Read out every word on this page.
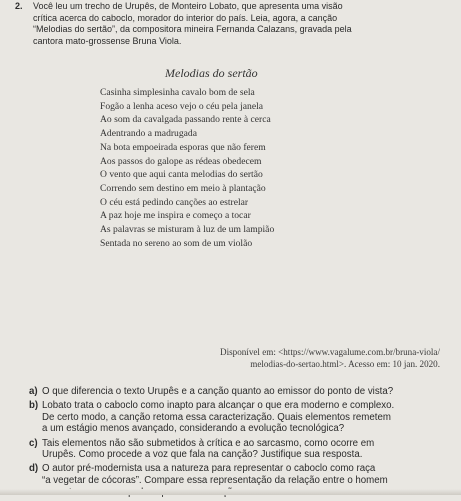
2. Você leu um trecho de Urupês, de Monteiro Lobato, que apresenta uma visão
crítica acerca do caboclo, morador do interior do país. Leia, agora, a canção
“Melodias do sertão”, da compositora mineira Fernanda Calazans, gravada pela
cantora mato-grossense Bruna Viola.
Melodias do sertão
Casinha simplesinha cavalo bom de sela
Fogão a lenha aceso vejo o céu pela janela
Ao som da cavalgada passando rente à cerca
Adentrando a madrugada
Na bota empoeirada esporas que não ferem
Aos passos do galope as rédeas obedecem
O vento que aqui canta melodias do sertão
Correndo sem destino em meio à plantação
O céu está pedindo canções ao estrelar
A paz hoje me inspira e começo a tocar
As palavras se misturam à luz de um lampião
Sentada no sereno ao som de um violão
Disponível em: <https://www.vagalume.com.br/bruna-viola/
melodias-do-sertao.html>. Acesso em: 10 jan. 2020.
a) O que diferencia o texto Urupês e a canção quanto ao emissor do ponto de vista?
b) Lobato trata o caboclo como inapto para alcançar o que era moderno e complexo.
De certo modo, a canção retoma essa caracterização. Quais elementos remetem
a um estágio menos avançado, considerando a evolução tecnológica?
c) Tais elementos não são submetidos à crítica e ao sarcasmo, como ocorre em
Urupês. Como procede a voz que fala na canção? Justifique sua resposta.
d) O autor pré-modernista usa a natureza para representar o caboclo como raça
“a vegetar de cócoras”. Compare essa representação da relação entre o homem
